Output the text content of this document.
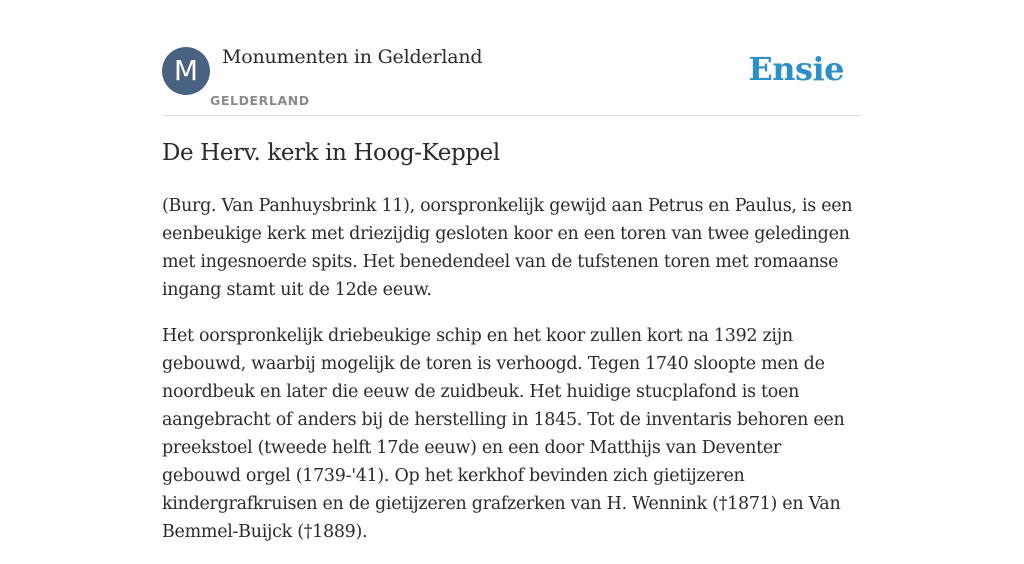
M	Monumenten in Gelderland
GELDERLAND
Ensie
De Herv. kerk in Hoog-Keppel

(Burg. Van Panhuysbrink 11), oorspronkelijk gewijd aan Petrus en Paulus, is een eenbeukige kerk met driezijdig gesloten koor en een toren van twee geledingen met ingesnoerde spits. Het benedendeel van de tufstenen toren met romaanse ingang stamt uit de 12de eeuw.

Het oorspronkelijk driebeukige schip en het koor zullen kort na 1392 zijn gebouwd, waarbij mogelijk de toren is verhoogd. Tegen 1740 sloopte men de noordbeuk en later die eeuw de zuidbeuk. Het huidige stucplafond is toen aangebracht of anders bij de herstelling in 1845. Tot de inventaris behoren een preekstoel (tweede helft 17de eeuw) en een door Matthijs van Deventer gebouwd orgel (1739-'41). Op het kerkhof bevinden zich gietijzeren kindergrafkruisen en de gietijzeren grafzerken van H. Wennink (†1871) en Van Bemmel-Buijck (†1889).
